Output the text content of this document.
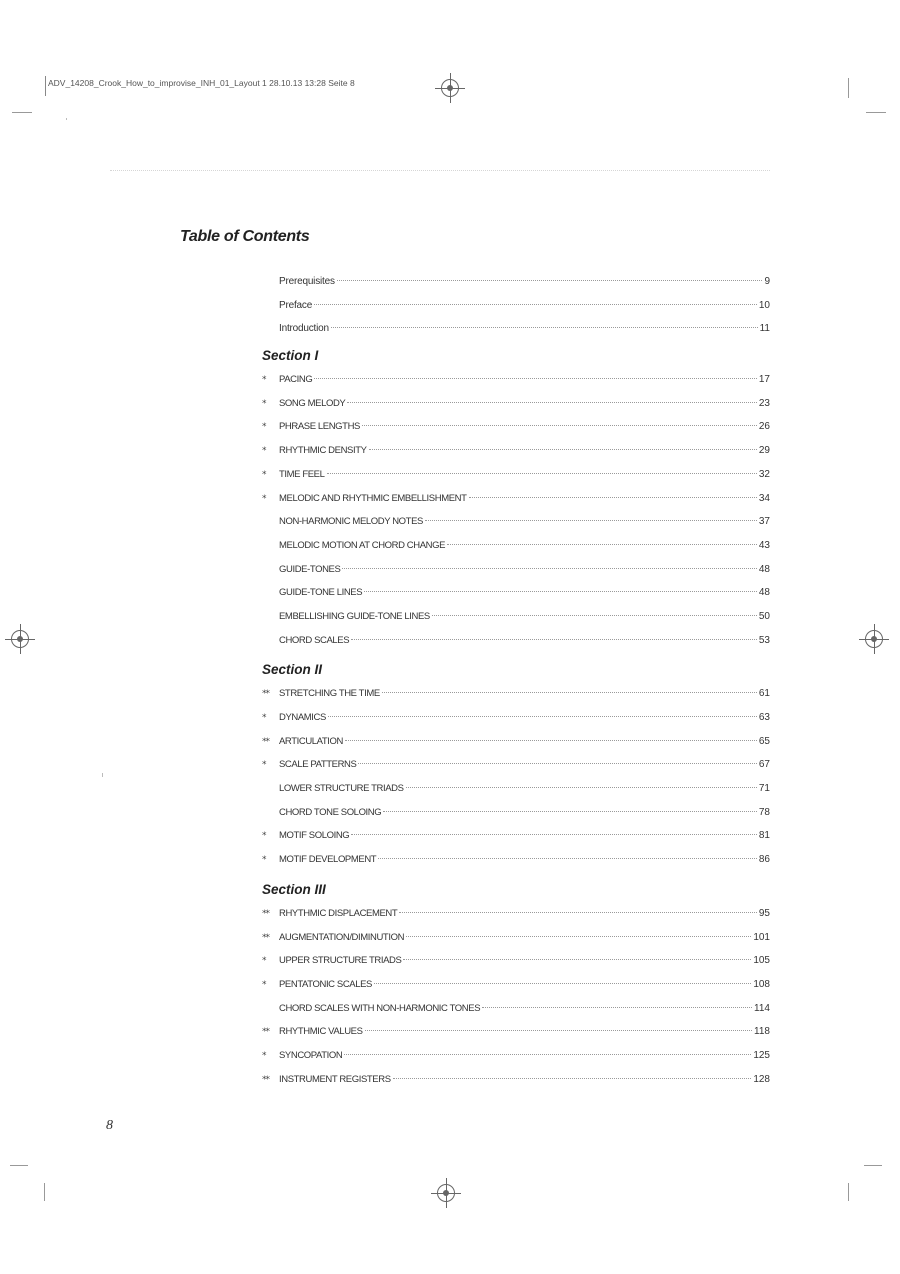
ADV_14208_Crook_How_to_improvise_INH_01_Layout 1 28.10.13 13:28 Seite 8
Table of Contents
Prerequisites	9
Preface	10
Introduction	11
Section I
*	PACING	17
*	SONG MELODY	23
*	PHRASE LENGTHS	26
*	RHYTHMIC DENSITY	29
*	TIME FEEL	32
*	MELODIC AND RHYTHMIC EMBELLISHMENT	34
NON-HARMONIC MELODY NOTES	37
MELODIC MOTION AT CHORD CHANGE	43
GUIDE-TONES	48
GUIDE-TONE LINES	48
EMBELLISHING GUIDE-TONE LINES	50
CHORD SCALES	53
Section II
**	STRETCHING THE TIME	61
*	DYNAMICS	63
**	ARTICULATION	65
*	SCALE PATTERNS	67
LOWER STRUCTURE TRIADS	71
CHORD TONE SOLOING	78
*	MOTIF SOLOING	81
*	MOTIF DEVELOPMENT	86
Section III
**	RHYTHMIC DISPLACEMENT	95
**	AUGMENTATION/DIMINUTION	101
*	UPPER STRUCTURE TRIADS	105
*	PENTATONIC SCALES	108
CHORD SCALES WITH NON-HARMONIC TONES	114
**	RHYTHMIC VALUES	118
*	SYNCOPATION	125
**	INSTRUMENT REGISTERS	128
8
